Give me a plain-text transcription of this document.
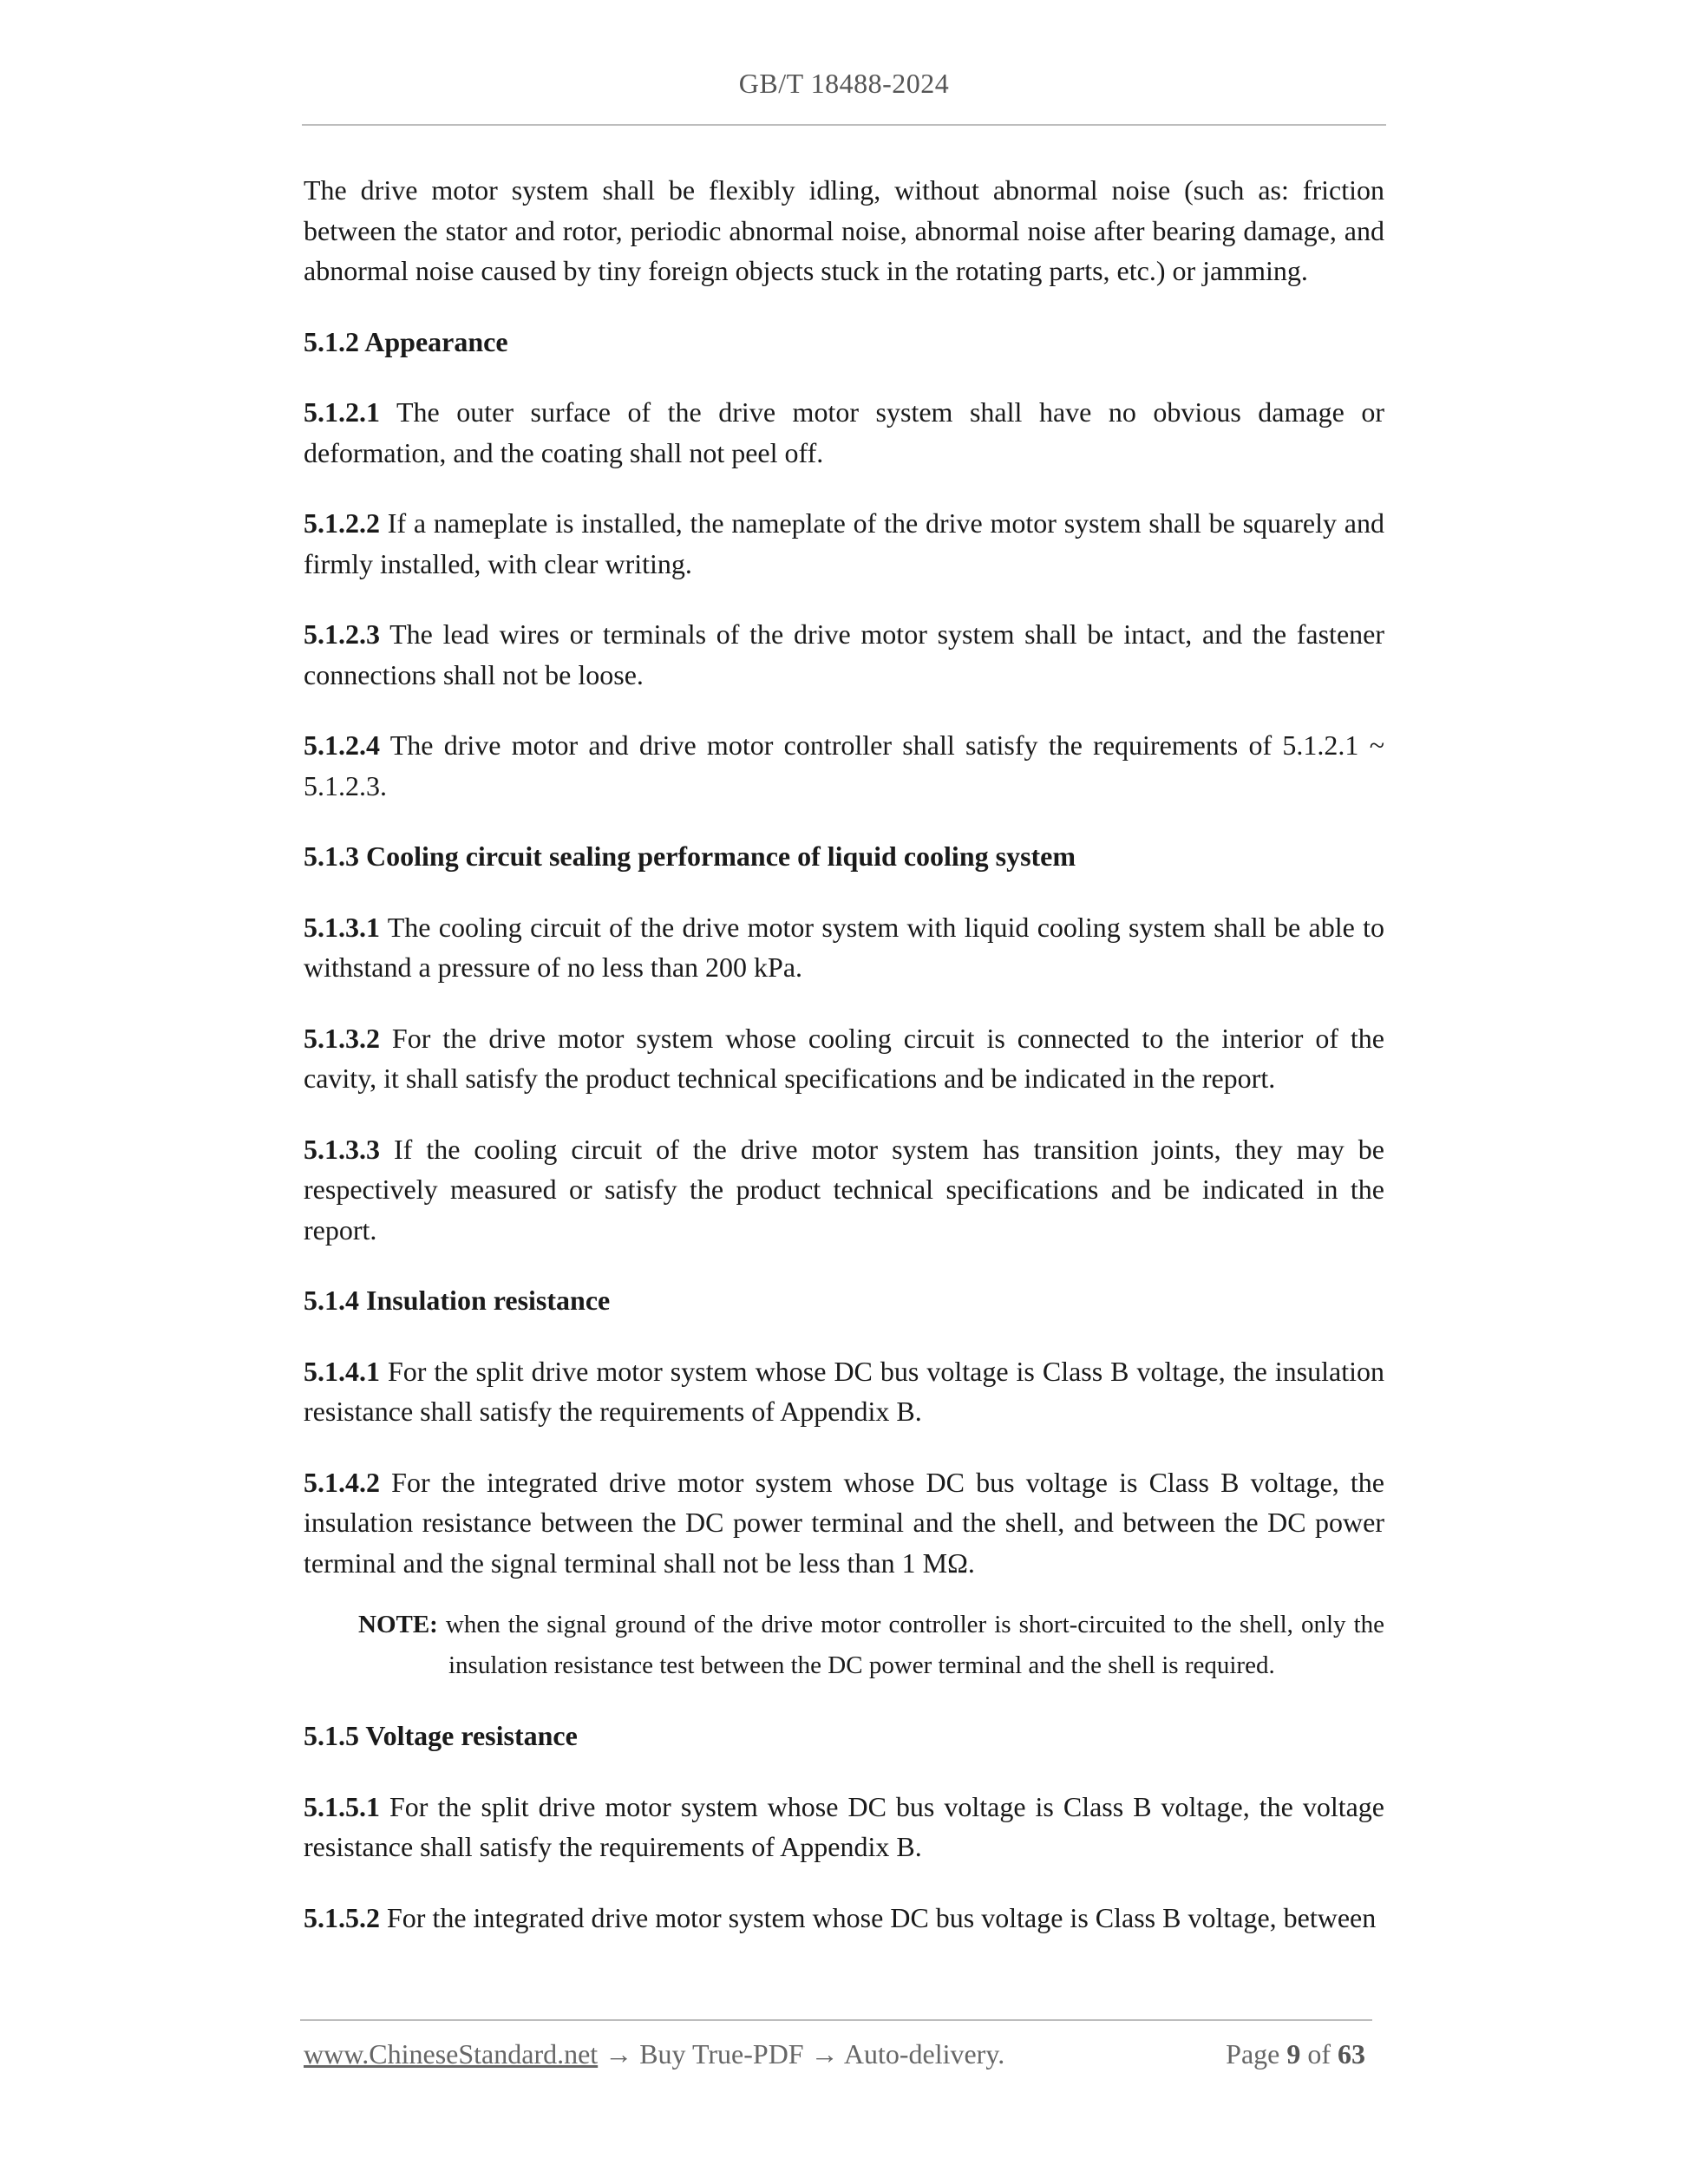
GB/T 18488-2024

The drive motor system shall be flexibly idling, without abnormal noise (such as: friction between the stator and rotor, periodic abnormal noise, abnormal noise after bearing damage, and abnormal noise caused by tiny foreign objects stuck in the rotating parts, etc.) or jamming.

5.1.2 Appearance

5.1.2.1 The outer surface of the drive motor system shall have no obvious damage or deformation, and the coating shall not peel off.

5.1.2.2 If a nameplate is installed, the nameplate of the drive motor system shall be squarely and firmly installed, with clear writing.

5.1.2.3 The lead wires or terminals of the drive motor system shall be intact, and the fastener connections shall not be loose.

5.1.2.4 The drive motor and drive motor controller shall satisfy the requirements of 5.1.2.1 ~ 5.1.2.3.

5.1.3 Cooling circuit sealing performance of liquid cooling system

5.1.3.1 The cooling circuit of the drive motor system with liquid cooling system shall be able to withstand a pressure of no less than 200 kPa.

5.1.3.2 For the drive motor system whose cooling circuit is connected to the interior of the cavity, it shall satisfy the product technical specifications and be indicated in the report.

5.1.3.3 If the cooling circuit of the drive motor system has transition joints, they may be respectively measured or satisfy the product technical specifications and be indicated in the report.

5.1.4 Insulation resistance

5.1.4.1 For the split drive motor system whose DC bus voltage is Class B voltage, the insulation resistance shall satisfy the requirements of Appendix B.

5.1.4.2 For the integrated drive motor system whose DC bus voltage is Class B voltage, the insulation resistance between the DC power terminal and the shell, and between the DC power terminal and the signal terminal shall not be less than 1 MΩ.

NOTE: when the signal ground of the drive motor controller is short-circuited to the shell, only the insulation resistance test between the DC power terminal and the shell is required.

5.1.5 Voltage resistance

5.1.5.1 For the split drive motor system whose DC bus voltage is Class B voltage, the voltage resistance shall satisfy the requirements of Appendix B.

5.1.5.2 For the integrated drive motor system whose DC bus voltage is Class B voltage, between

www.ChineseStandard.net → Buy True-PDF → Auto-delivery.	Page 9 of 63
